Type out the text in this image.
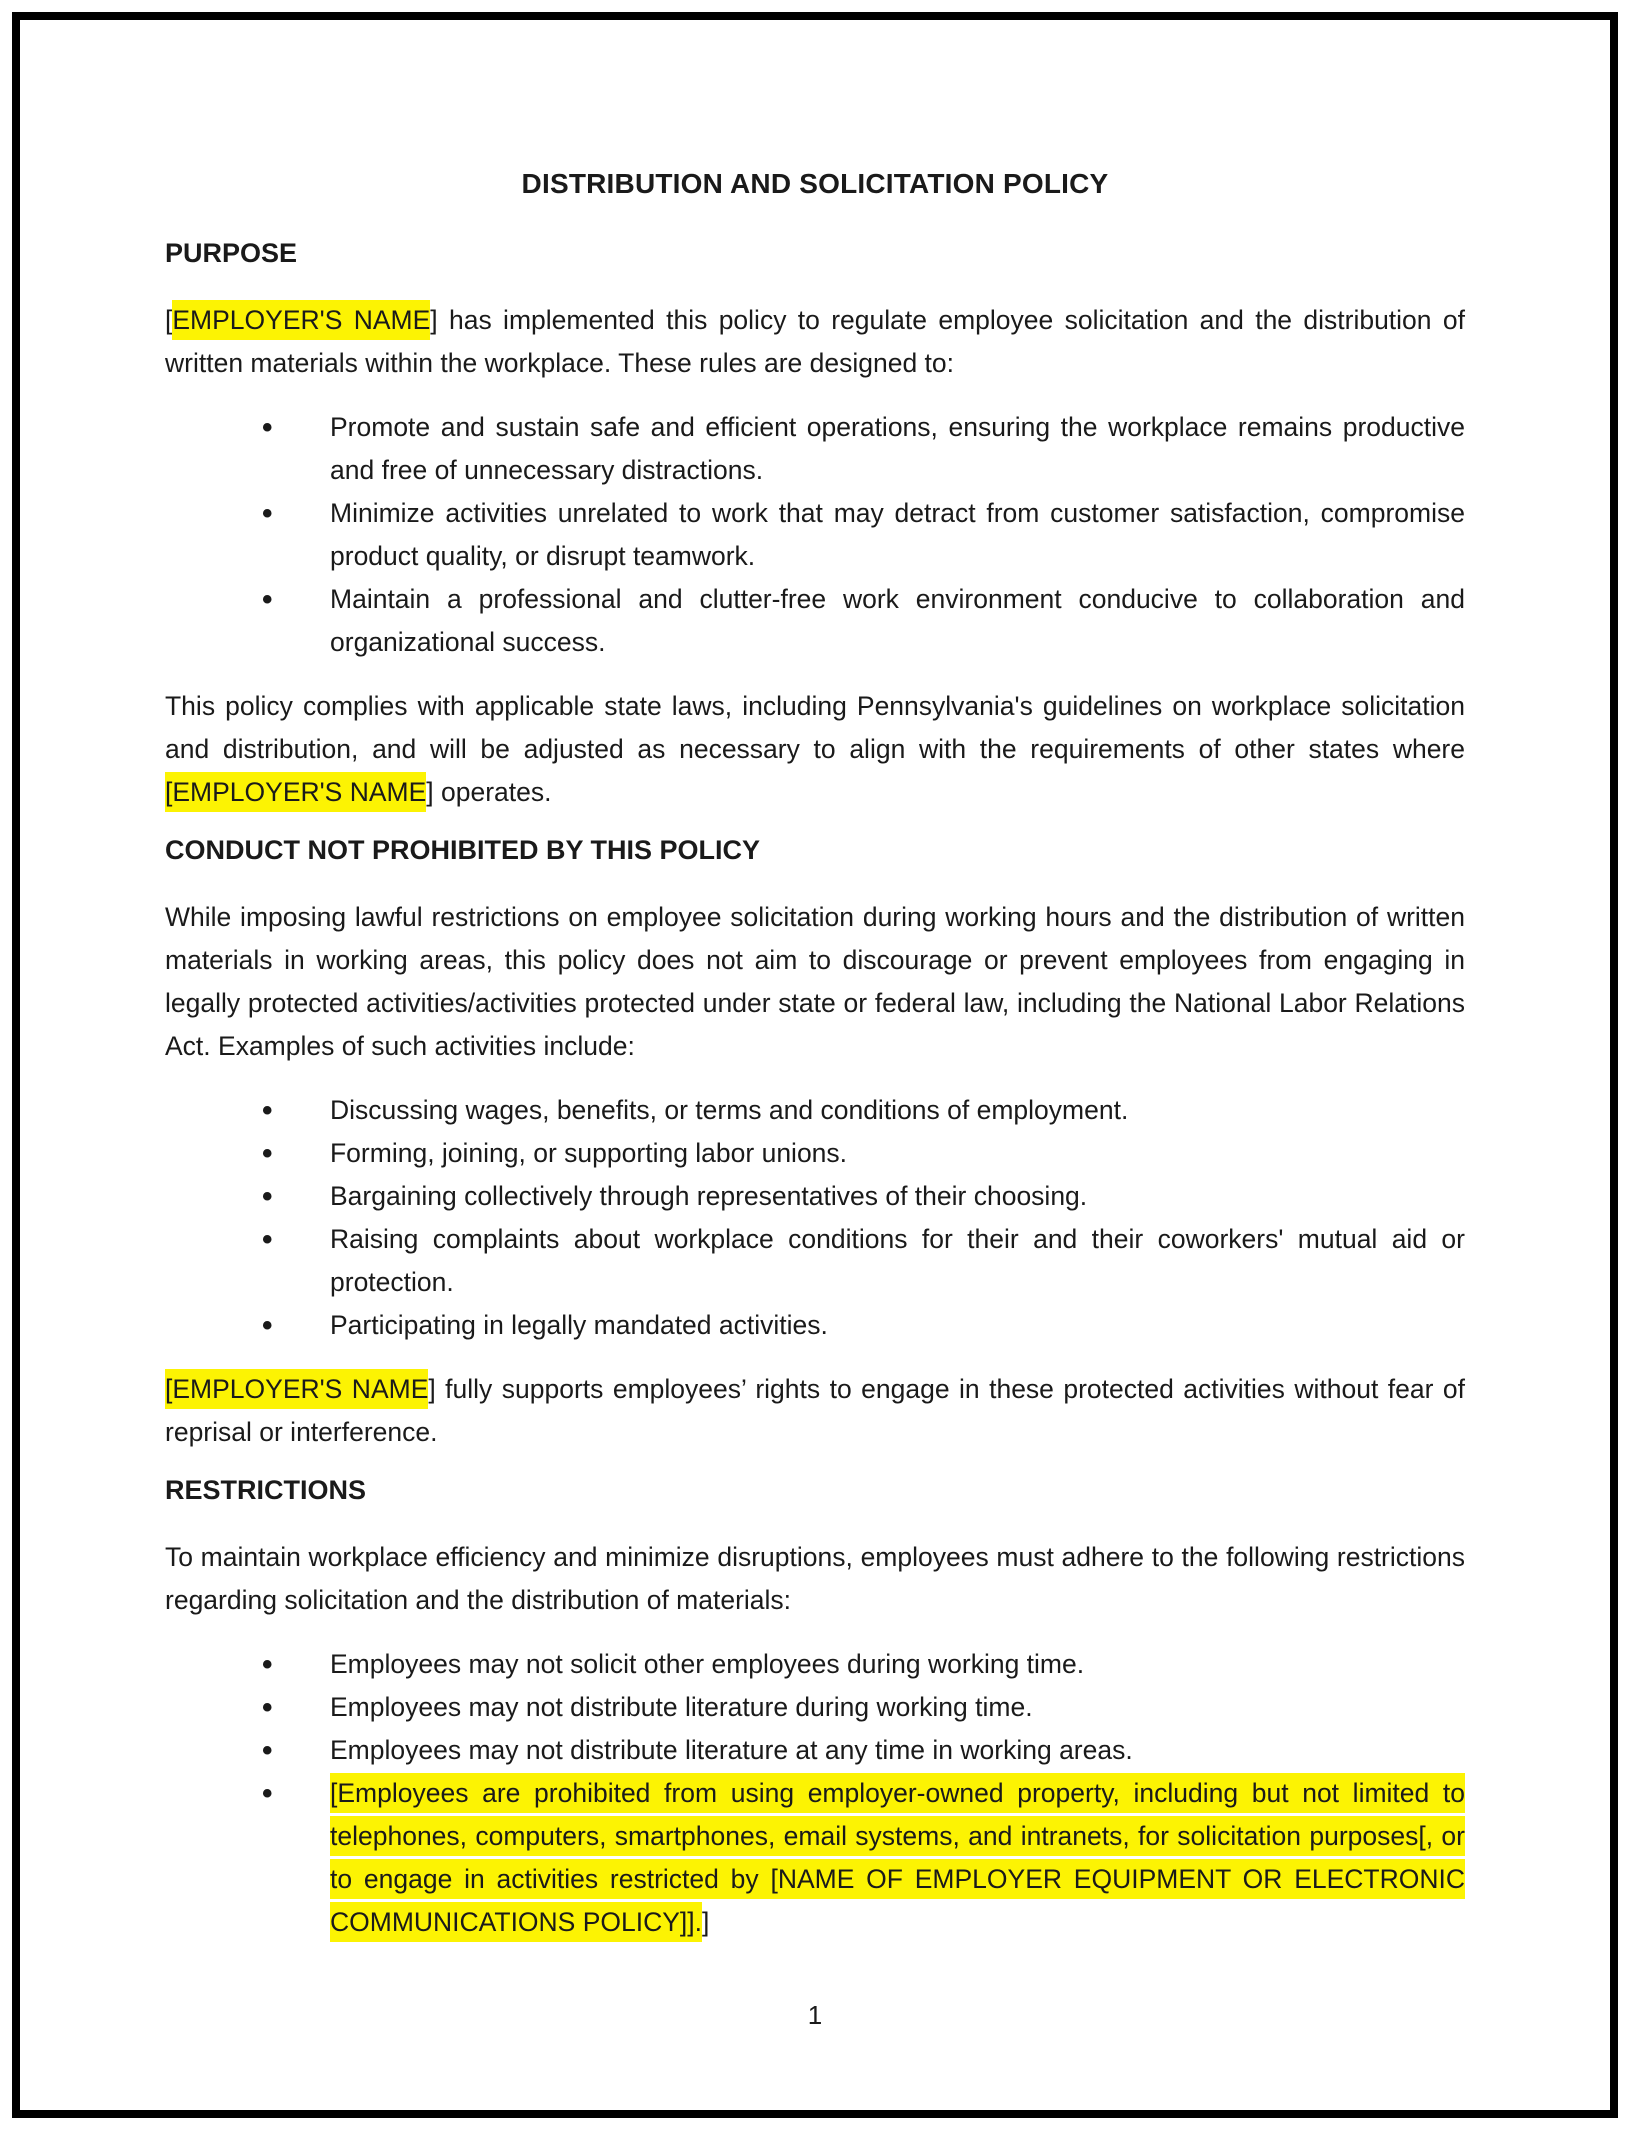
DISTRIBUTION AND SOLICITATION POLICY
PURPOSE

[EMPLOYER'S NAME] has implemented this policy to regulate employee solicitation and the distribution of written materials within the workplace. These rules are designed to:

• Promote and sustain safe and efficient operations, ensuring the workplace remains productive and free of unnecessary distractions.
• Minimize activities unrelated to work that may detract from customer satisfaction, compromise product quality, or disrupt teamwork.
• Maintain a professional and clutter-free work environment conducive to collaboration and organizational success.

This policy complies with applicable state laws, including Pennsylvania's guidelines on workplace solicitation and distribution, and will be adjusted as necessary to align with the requirements of other states where [EMPLOYER'S NAME] operates.

CONDUCT NOT PROHIBITED BY THIS POLICY

While imposing lawful restrictions on employee solicitation during working hours and the distribution of written materials in working areas, this policy does not aim to discourage or prevent employees from engaging in legally protected activities/activities protected under state or federal law, including the National Labor Relations Act. Examples of such activities include:

• Discussing wages, benefits, or terms and conditions of employment.
• Forming, joining, or supporting labor unions.
• Bargaining collectively through representatives of their choosing.
• Raising complaints about workplace conditions for their and their coworkers' mutual aid or protection.
• Participating in legally mandated activities.

[EMPLOYER'S NAME] fully supports employees’ rights to engage in these protected activities without fear of reprisal or interference.

RESTRICTIONS

To maintain workplace efficiency and minimize disruptions, employees must adhere to the following restrictions regarding solicitation and the distribution of materials:

• Employees may not solicit other employees during working time.
• Employees may not distribute literature during working time.
• Employees may not distribute literature at any time in working areas.
• [Employees are prohibited from using employer-owned property, including but not limited to telephones, computers, smartphones, email systems, and intranets, for solicitation purposes[, or to engage in activities restricted by [NAME OF EMPLOYER EQUIPMENT OR ELECTRONIC COMMUNICATIONS POLICY]].]
1
